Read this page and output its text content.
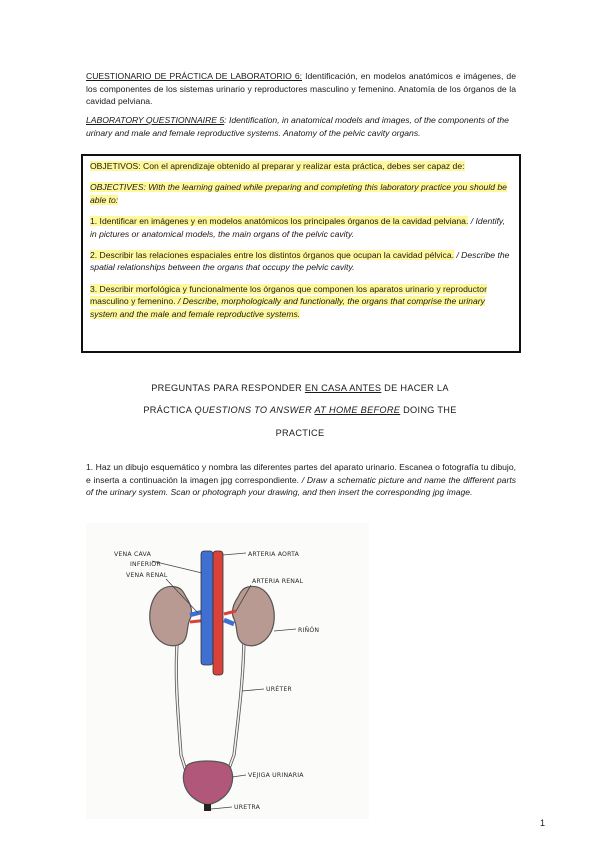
CUESTIONARIO DE PRÁCTICA DE LABORATORIO 6: Identificación, en modelos anatómicos e imágenes, de los componentes de los sistemas urinario y reproductores masculino y femenino. Anatomía de los órganos de la cavidad pelviana.
LABORATORY QUESTIONNAIRE 5: Identification, in anatomical models and images, of the components of the urinary and male and female reproductive systems. Anatomy of the pelvic cavity organs.

OBJETIVOS: Con el aprendizaje obtenido al preparar y realizar esta práctica, debes ser capaz de:

OBJECTIVES: With the learning gained while preparing and completing this laboratory practice you should be able to:

1. Identificar en imágenes y en modelos anatómicos los principales órganos de la cavidad pelviana. / Identify, in pictures or anatomical models, the main organs of the pelvic cavity.

2. Describir las relaciones espaciales entre los distintos órganos que ocupan la cavidad pélvica. / Describe the spatial relationships between the organs that occupy the pelvic cavity.

3. Describir morfológica y funcionalmente los órganos que componen los aparatos urinario y reproductor masculino y femenino. / Describe, morphologically and functionally, the organs that comprise the urinary system and the male and female reproductive systems.

PREGUNTAS PARA RESPONDER EN CASA ANTES DE HACER LA
PRÁCTICA QUESTIONS TO ANSWER AT HOME BEFORE DOING THE
PRACTICE
1. Haz un dibujo esquemático y nombra las diferentes partes del aparato urinario. Escanea o fotografía tu dibujo, e inserta a continuación la imagen jpg correspondiente. / Draw a schematic picture and name the different parts of the urinary system. Scan or photograph your drawing, and then insert the corresponding jpg image.
VENA CAVA
INFERIOR
VENA RENAL
ARTERIA AORTA
ARTERIA RENAL
RIÑÓN
URÉTER
VEJIGA URINARIA
URETRA
1
